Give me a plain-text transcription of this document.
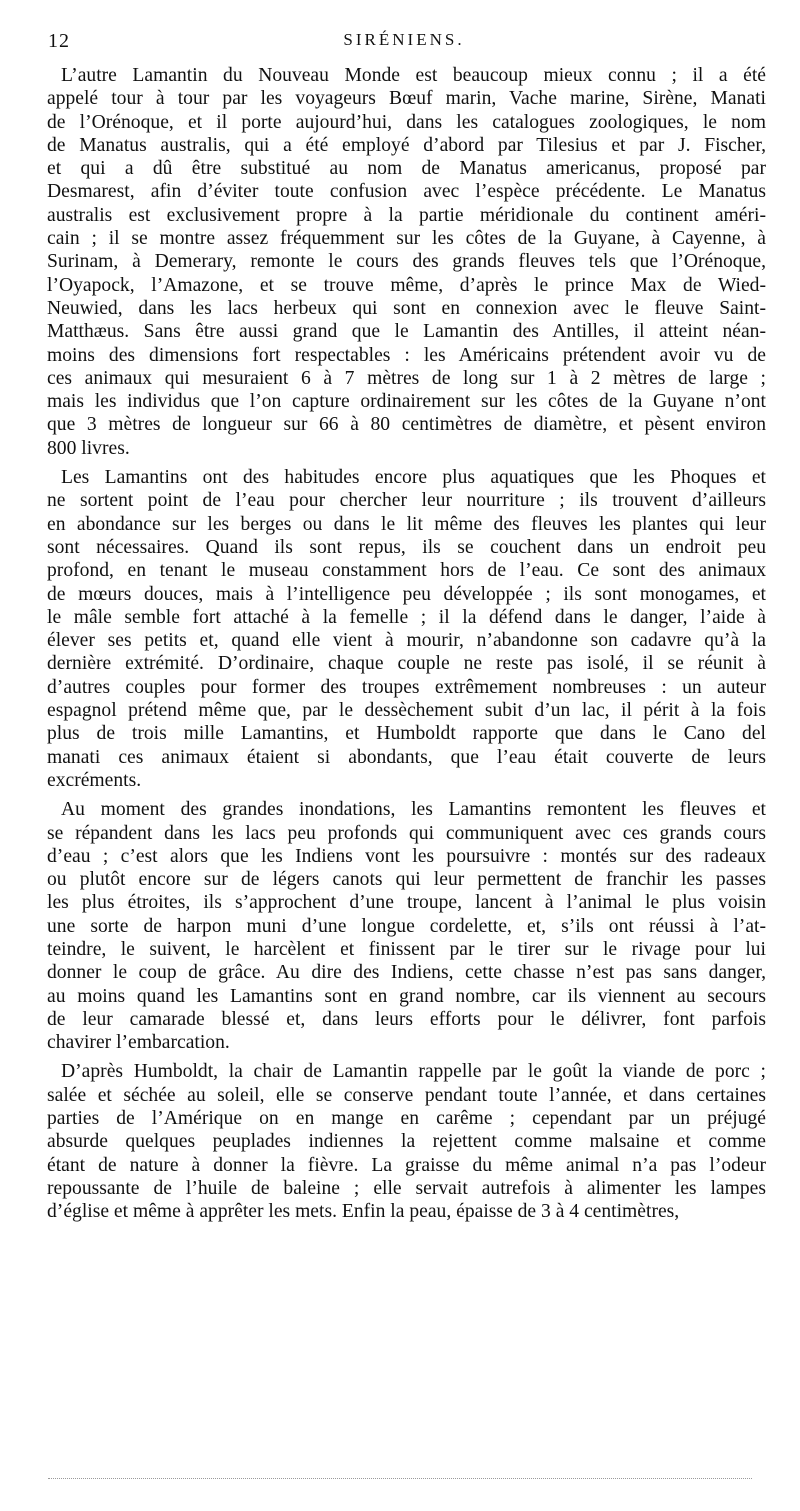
12	SIRÉNIENS.
L’autre Lamantin du Nouveau Monde est beaucoup mieux connu ; il a été
appelé tour à tour par les voyageurs Bœuf marin, Vache marine, Sirène, Manati
de l’Orénoque, et il porte aujourd’hui, dans les catalogues zoologiques, le nom
de Manatus australis, qui a été employé d’abord par Tilesius et par J. Fischer,
et qui a dû être substitué au nom de Manatus americanus, proposé par
Desmarest, afin d’éviter toute confusion avec l’espèce précédente. Le Manatus
australis est exclusivement propre à la partie méridionale du continent améri-
cain ; il se montre assez fréquemment sur les côtes de la Guyane, à Cayenne, à
Surinam, à Demerary, remonte le cours des grands fleuves tels que l’Orénoque,
l’Oyapock, l’Amazone, et se trouve même, d’après le prince Max de Wied-
Neuwied, dans les lacs herbeux qui sont en connexion avec le fleuve Saint-
Matthæus. Sans être aussi grand que le Lamantin des Antilles, il atteint néan-
moins des dimensions fort respectables : les Américains prétendent avoir vu de
ces animaux qui mesuraient 6 à 7 mètres de long sur 1 à 2 mètres de large ;
mais les individus que l’on capture ordinairement sur les côtes de la Guyane n’ont
que 3 mètres de longueur sur 66 à 80 centimètres de diamètre, et pèsent environ
800 livres.
Les Lamantins ont des habitudes encore plus aquatiques que les Phoques et
ne sortent point de l’eau pour chercher leur nourriture ; ils trouvent d’ailleurs
en abondance sur les berges ou dans le lit même des fleuves les plantes qui leur
sont nécessaires. Quand ils sont repus, ils se couchent dans un endroit peu
profond, en tenant le museau constamment hors de l’eau. Ce sont des animaux
de mœurs douces, mais à l’intelligence peu développée ; ils sont monogames, et
le mâle semble fort attaché à la femelle ; il la défend dans le danger, l’aide à
élever ses petits et, quand elle vient à mourir, n’abandonne son cadavre qu’à la
dernière extrémité. D’ordinaire, chaque couple ne reste pas isolé, il se réunit à
d’autres couples pour former des troupes extrêmement nombreuses : un auteur
espagnol prétend même que, par le dessèchement subit d’un lac, il périt à la fois
plus de trois mille Lamantins, et Humboldt rapporte que dans le Cano del
manati ces animaux étaient si abondants, que l’eau était couverte de leurs
excréments.
Au moment des grandes inondations, les Lamantins remontent les fleuves et
se répandent dans les lacs peu profonds qui communiquent avec ces grands cours
d’eau ; c’est alors que les Indiens vont les poursuivre : montés sur des radeaux
ou plutôt encore sur de légers canots qui leur permettent de franchir les passes
les plus étroites, ils s’approchent d’une troupe, lancent à l’animal le plus voisin
une sorte de harpon muni d’une longue cordelette, et, s’ils ont réussi à l’at-
teindre, le suivent, le harcèlent et finissent par le tirer sur le rivage pour lui
donner le coup de grâce. Au dire des Indiens, cette chasse n’est pas sans danger,
au moins quand les Lamantins sont en grand nombre, car ils viennent au secours
de leur camarade blessé et, dans leurs efforts pour le délivrer, font parfois
chavirer l’embarcation.
D’après Humboldt, la chair de Lamantin rappelle par le goût la viande de porc ;
salée et séchée au soleil, elle se conserve pendant toute l’année, et dans certaines
parties de l’Amérique on en mange en carême ; cependant par un préjugé
absurde quelques peuplades indiennes la rejettent comme malsaine et comme
étant de nature à donner la fièvre. La graisse du même animal n’a pas l’odeur
repoussante de l’huile de baleine ; elle servait autrefois à alimenter les lampes
d’église et même à apprêter les mets. Enfin la peau, épaisse de 3 à 4 centimètres,
